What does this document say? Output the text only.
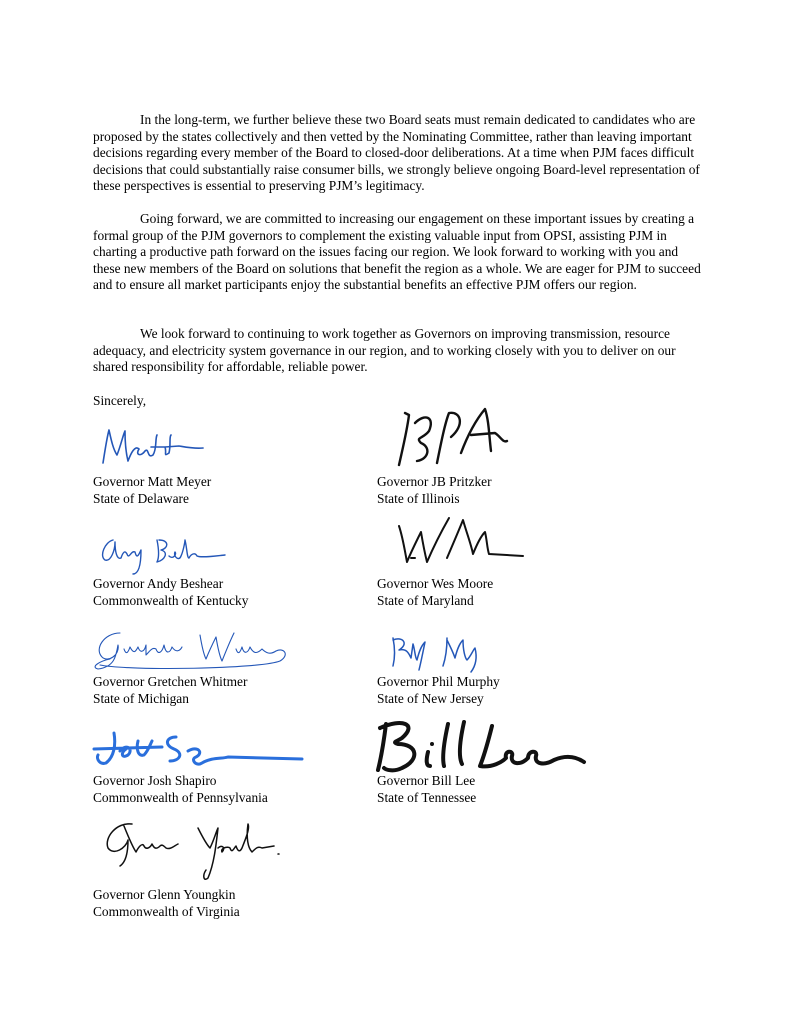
In the long-term, we further believe these two Board seats must remain dedicated to candidates who are proposed by the states collectively and then vetted by the Nominating Committee, rather than leaving important decisions regarding every member of the Board to closed-door deliberations. At a time when PJM faces difficult decisions that could substantially raise consumer bills, we strongly believe ongoing Board-level representation of these perspectives is essential to preserving PJM’s legitimacy.

Going forward, we are committed to increasing our engagement on these important issues by creating a formal group of the PJM governors to complement the existing valuable input from OPSI, assisting PJM in charting a productive path forward on the issues facing our region. We look forward to working with you and these new members of the Board on solutions that benefit the region as a whole. We are eager for PJM to succeed and to ensure all market participants enjoy the substantial benefits an effective PJM offers our region.

We look forward to continuing to work together as Governors on improving transmission, resource adequacy, and electricity system governance in our region, and to working closely with you to deliver on our shared responsibility for affordable, reliable power.

Sincerely,

Governor Matt Meyer
State of Delaware
Governor JB Pritzker
State of Illinois
Governor Andy Beshear
Commonwealth of Kentucky
Governor Wes Moore
State of Maryland
Governor Gretchen Whitmer
State of Michigan
Governor Phil Murphy
State of New Jersey
Governor Josh Shapiro
Commonwealth of Pennsylvania
Governor Bill Lee
State of Tennessee
Governor Glenn Youngkin
Commonwealth of Virginia
